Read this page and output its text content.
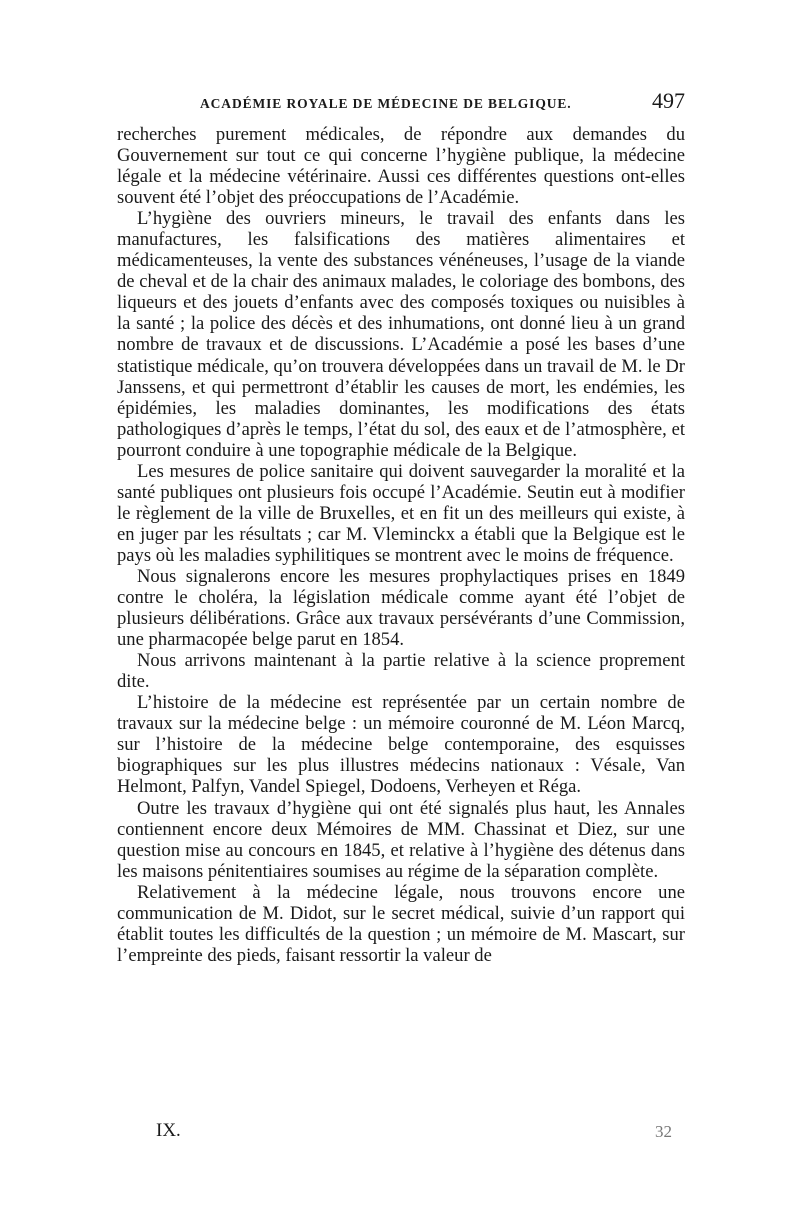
ACADÉMIE ROYALE DE MÉDECINE DE BELGIQUE.	497

recherches purement médicales, de répondre aux demandes du Gouvernement sur tout ce qui concerne l’hygiène publique, la médecine légale et la médecine vétérinaire. Aussi ces différentes questions ont-elles souvent été l’objet des préoccupations de l’Académie.

L’hygiène des ouvriers mineurs, le travail des enfants dans les manufactures, les falsifications des matières alimentaires et médicamenteuses, la vente des substances vénéneuses, l’usage de la viande de cheval et de la chair des animaux malades, le coloriage des bombons, des liqueurs et des jouets d’enfants avec des composés toxiques ou nuisibles à la santé ; la police des décès et des inhumations, ont donné lieu à un grand nombre de travaux et de discussions. L’Académie a posé les bases d’une statistique médicale, qu’on trouvera développées dans un travail de M. le Dr Janssens, et qui permettront d’établir les causes de mort, les endémies, les épidémies, les maladies dominantes, les modifications des états pathologiques d’après le temps, l’état du sol, des eaux et de l’atmosphère, et pourront conduire à une topographie médicale de la Belgique.

Les mesures de police sanitaire qui doivent sauvegarder la moralité et la santé publiques ont plusieurs fois occupé l’Académie. Seutin eut à modifier le règlement de la ville de Bruxelles, et en fit un des meilleurs qui existe, à en juger par les résultats ; car M. Vleminckx a établi que la Belgique est le pays où les maladies syphilitiques se montrent avec le moins de fréquence.

Nous signalerons encore les mesures prophylactiques prises en 1849 contre le choléra, la législation médicale comme ayant été l’objet de plusieurs délibérations. Grâce aux travaux persévérants d’une Commission, une pharmacopée belge parut en 1854.

Nous arrivons maintenant à la partie relative à la science proprement dite.

L’histoire de la médecine est représentée par un certain nombre de travaux sur la médecine belge : un mémoire couronné de M. Léon Marcq, sur l’histoire de la médecine belge contemporaine, des esquisses biographiques sur les plus illustres médecins nationaux : Vésale, Van Helmont, Palfyn, Vandel Spiegel, Dodoens, Verheyen et Réga.

Outre les travaux d’hygiène qui ont été signalés plus haut, les Annales contiennent encore deux Mémoires de MM. Chassinat et Diez, sur une question mise au concours en 1845, et relative à l’hygiène des détenus dans les maisons pénitentiaires soumises au régime de la séparation complète.

Relativement à la médecine légale, nous trouvons encore une communication de M. Didot, sur le secret médical, suivie d’un rapport qui établit toutes les difficultés de la question ; un mémoire de M. Mascart, sur l’empreinte des pieds, faisant ressortir la valeur de

IX.	32
